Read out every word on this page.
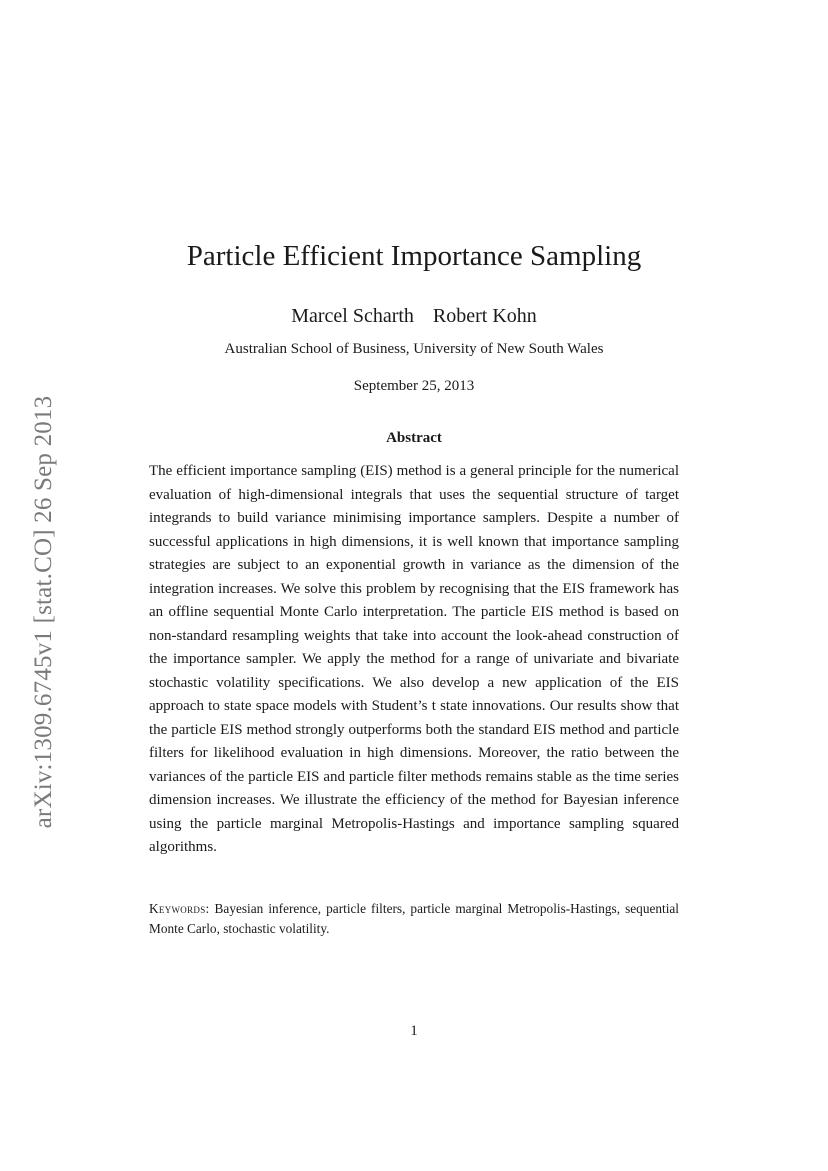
arXiv:1309.6745v1 [stat.CO] 26 Sep 2013
Particle Efficient Importance Sampling
Marcel Scharth Robert Kohn
Australian School of Business, University of New South Wales
September 25, 2013
Abstract

The efficient importance sampling (EIS) method is a general principle for the numerical evaluation of high-dimensional integrals that uses the sequential structure of target integrands to build variance minimising importance samplers. Despite a number of successful applications in high dimensions, it is well known that importance sampling strategies are subject to an exponential growth in variance as the dimension of the integration increases. We solve this problem by recognising that the EIS framework has an offline sequential Monte Carlo interpretation. The particle EIS method is based on non-standard resampling weights that take into account the look-ahead construction of the importance sampler. We apply the method for a range of univariate and bivariate stochastic volatility specifications. We also develop a new application of the EIS approach to state space models with Student’s t state innovations. Our results show that the particle EIS method strongly outperforms both the standard EIS method and particle filters for likelihood evaluation in high dimensions. Moreover, the ratio between the variances of the particle EIS and particle filter methods remains stable as the time series dimension increases. We illustrate the efficiency of the method for Bayesian inference using the particle marginal Metropolis-Hastings and importance sampling squared algorithms.

Keywords: Bayesian inference, particle filters, particle marginal Metropolis-Hastings, sequential Monte Carlo, stochastic volatility.

1
